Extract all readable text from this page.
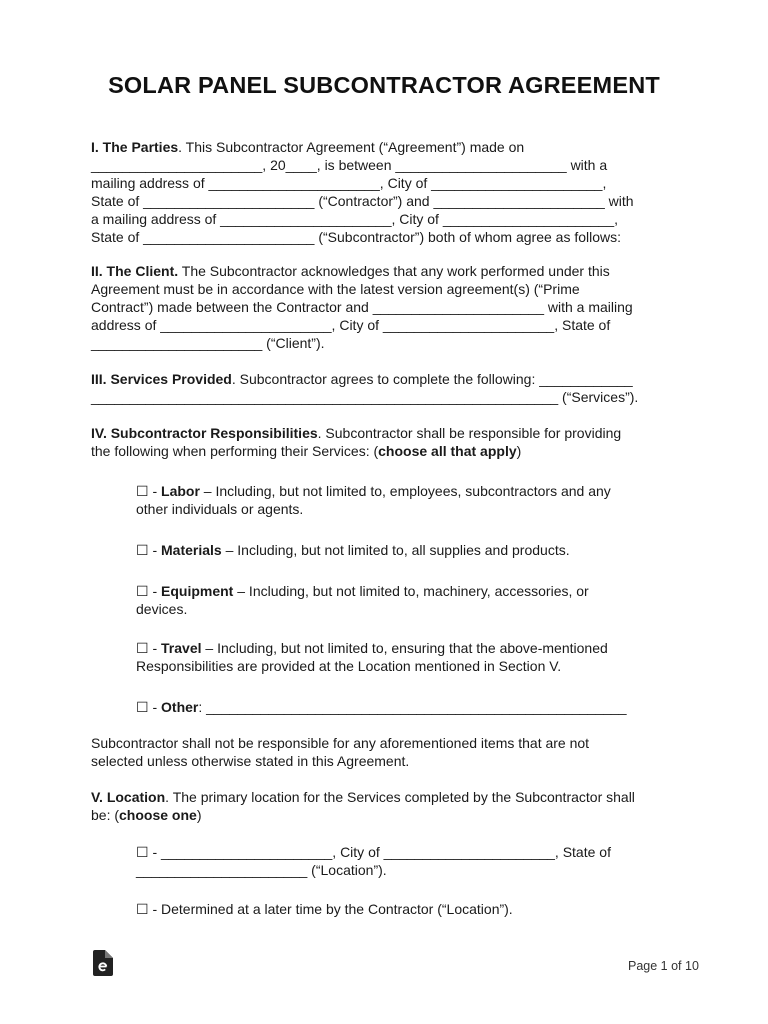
SOLAR PANEL SUBCONTRACTOR AGREEMENT
I. The Parties. This Subcontractor Agreement (“Agreement”) made on
______________________, 20____, is between ______________________ with a
mailing address of ______________________, City of ______________________,
State of ______________________ (“Contractor”) and ______________________ with
a mailing address of ______________________, City of ______________________,
State of ______________________ (“Subcontractor”) both of whom agree as follows:
II. The Client. The Subcontractor acknowledges that any work performed under this
Agreement must be in accordance with the latest version agreement(s) (“Prime
Contract”) made between the Contractor and ______________________ with a mailing
address of ______________________, City of ______________________, State of
______________________ (“Client”).
III. Services Provided. Subcontractor agrees to complete the following: ____________
____________________________________________________________ (“Services”).
IV. Subcontractor Responsibilities. Subcontractor shall be responsible for providing
the following when performing their Services: (choose all that apply)
☐ - Labor – Including, but not limited to, employees, subcontractors and any
other individuals or agents.
☐ - Materials – Including, but not limited to, all supplies and products.
☐ - Equipment – Including, but not limited to, machinery, accessories, or
devices.
☐ - Travel – Including, but not limited to, ensuring that the above-mentioned
Responsibilities are provided at the Location mentioned in Section V.
☐ - Other: ______________________________________________________
Subcontractor shall not be responsible for any aforementioned items that are not
selected unless otherwise stated in this Agreement.
V. Location. The primary location for the Services completed by the Subcontractor shall
be: (choose one)
☐ - ______________________, City of ______________________, State of
______________________ (“Location”).
☐ - Determined at a later time by the Contractor (“Location”).
Page 1 of 10
